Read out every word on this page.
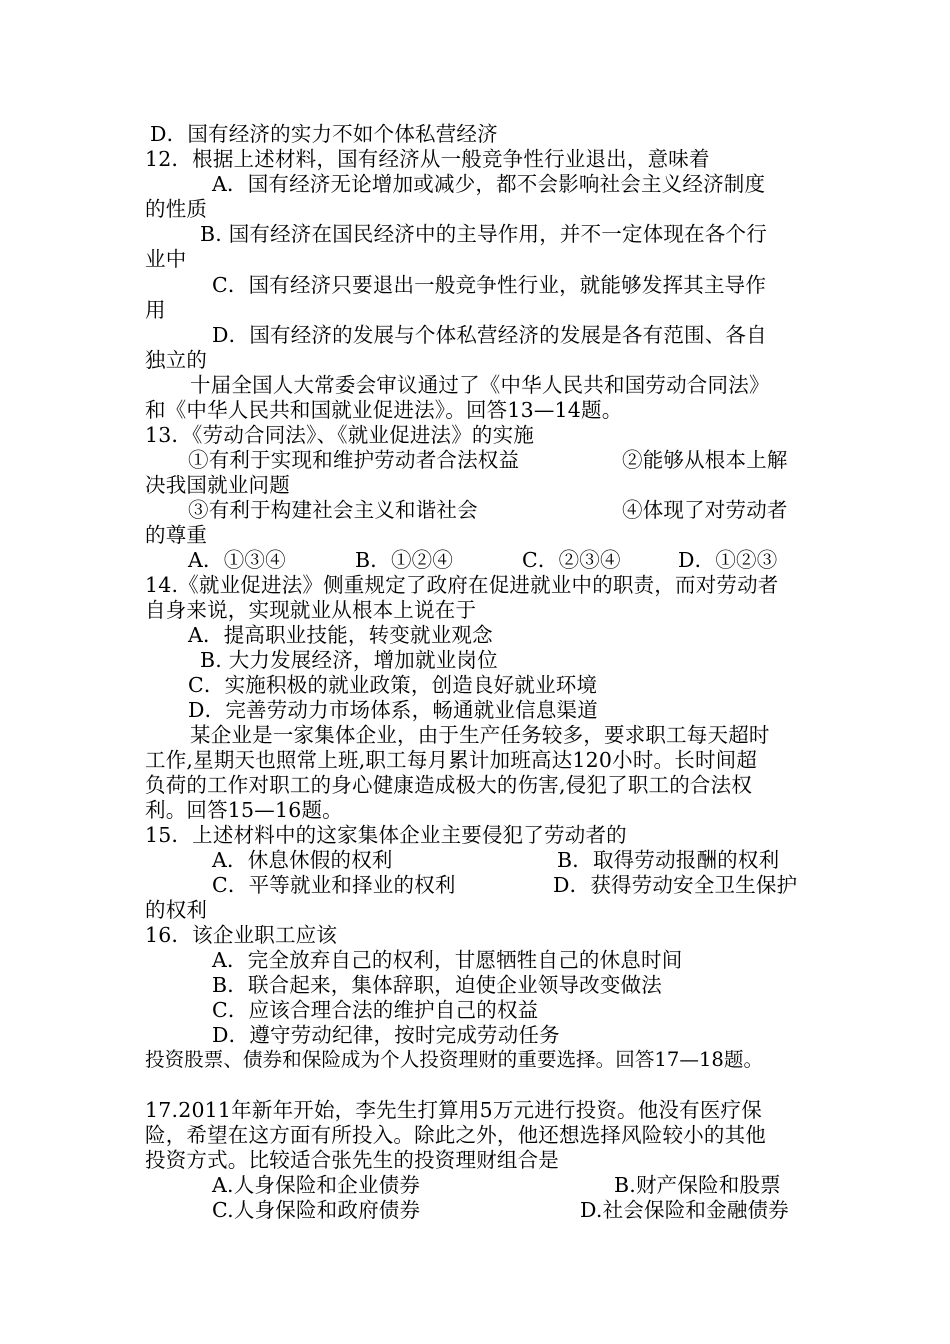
D．国有经济的实力不如个体私营经济
12．根据上述材料，国有经济从一般竞争性行业退出，意味着
A．国有经济无论增加或减少，都不会影响社会主义经济制度
的性质
B. 国有经济在国民经济中的主导作用，并不一定体现在各个行
业中
C．国有经济只要退出一般竞争性行业，就能够发挥其主导作
用
D．国有经济的发展与个体私营经济的发展是各有范围、各自
独立的
十届全国人大常委会审议通过了《中华人民共和国劳动合同法》
和《中华人民共和国就业促进法》。回答13—14题。
13．《劳动合同法》、《就业促进法》的实施
①有利于实现和维护劳动者合法权益	②能够从根本上解
决我国就业问题
③有利于构建社会主义和谐社会	④体现了对劳动者
的尊重
A．①③④	B．①②④	C．②③④	D．①②③
14.《就业促进法》侧重规定了政府在促进就业中的职责，而对劳动者
自身来说，实现就业从根本上说在于
A．提高职业技能，转变就业观念
B. 大力发展经济，增加就业岗位
C．实施积极的就业政策，创造良好就业环境
D．完善劳动力市场体系，畅通就业信息渠道
某企业是一家集体企业，由于生产任务较多，要求职工每天超时
工作,星期天也照常上班,职工每月累计加班高达120小时。长时间超
负荷的工作对职工的身心健康造成极大的伤害,侵犯了职工的合法权
利。回答15—16题。
15．上述材料中的这家集体企业主要侵犯了劳动者的
A．休息休假的权利	B．取得劳动报酬的权利
C．平等就业和择业的权利	D．获得劳动安全卫生保护
的权利
16．该企业职工应该
A．完全放弃自己的权利，甘愿牺牲自己的休息时间
B．联合起来，集体辞职，迫使企业领导改变做法
C．应该合理合法的维护自己的权益
D．遵守劳动纪律，按时完成劳动任务
投资股票、债券和保险成为个人投资理财的重要选择。回答17—18题。
17.2011年新年开始，李先生打算用5万元进行投资。他没有医疗保
险，希望在这方面有所投入。除此之外，他还想选择风险较小的其他
投资方式。比较适合张先生的投资理财组合是
A.人身保险和企业债券	B.财产保险和股票
C.人身保险和政府债券	D.社会保险和金融债券
